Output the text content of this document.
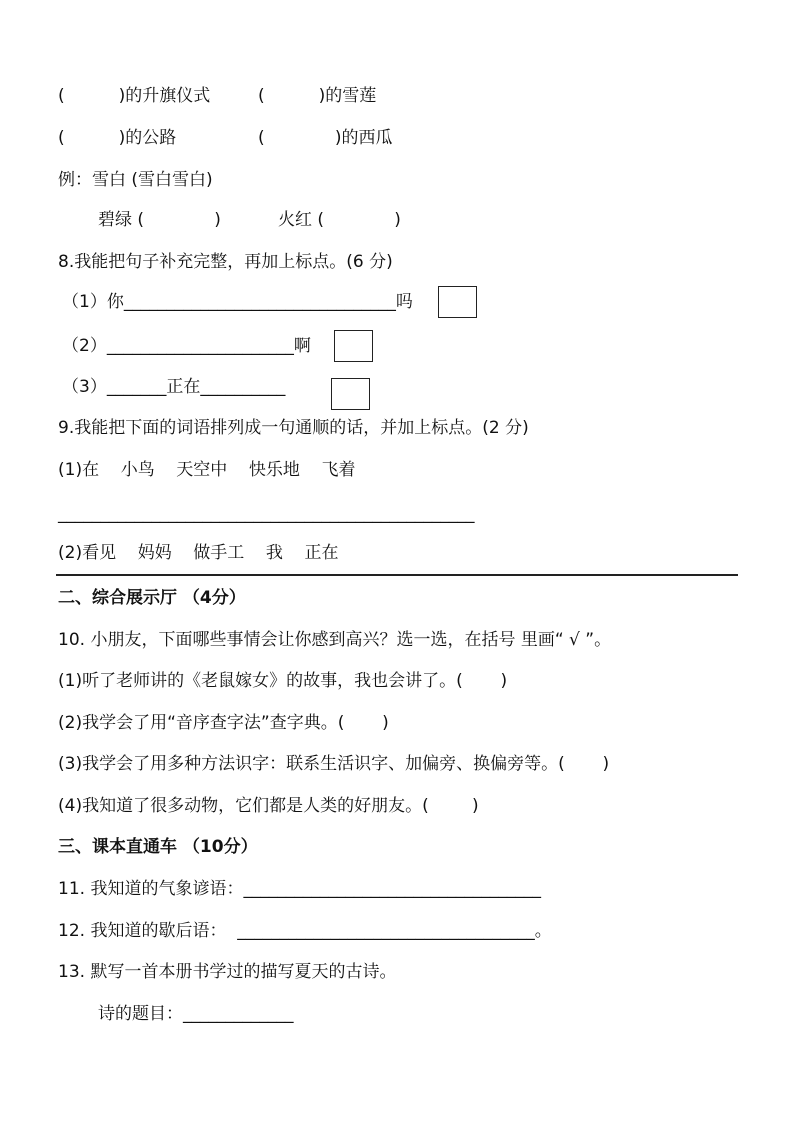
(          )的升旗仪式	(          )的雪莲
(          )的公路	(             )的西瓜
例：雪白 (雪白雪白)
碧绿 (             )	火红 (             )
8.我能把句子补充完整，再加上标点。(6 分)
（1）你________________________________吗
（2）______________________啊
（3）_______正在__________
9.我能把下面的词语排列成一句通顺的话，并加上标点。(2 分)
(1)在    小鸟    天空中    快乐地    飞着
_________________________________________________
(2)看见    妈妈    做手工    我    正在
二、综合展示厅 （4分）
10. 小朋友，下面哪些事情会让你感到高兴？选一选，在括号 里画“ √ ”。
(1)听了老师讲的《老鼠嫁女》的故事，我也会讲了。(       )
(2)我学会了用“音序查字法”查字典。(       )
(3)我学会了用多种方法识字：联系生活识字、加偏旁、换偏旁等。(       )
(4)我知道了很多动物，它们都是人类的好朋友。(        )
三、课本直通车 （10分）
11. 我知道的气象谚语：___________________________________
12. 我知道的歇后语：  ___________________________________。
13. 默写一首本册书学过的描写夏天的古诗。
诗的题目：_____________
